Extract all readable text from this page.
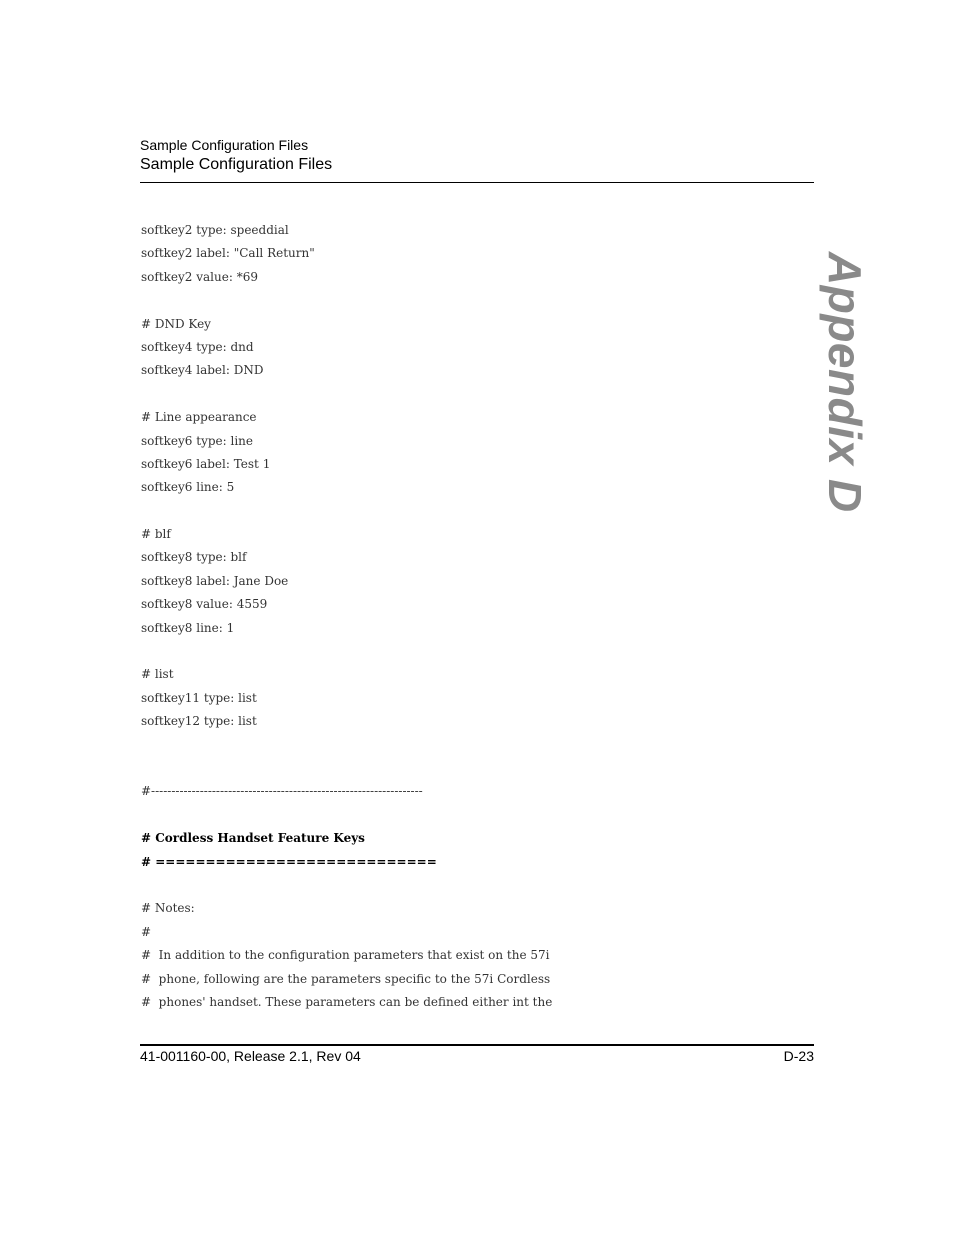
Sample Configuration Files
Sample Configuration Files
Appendix D
softkey2 type: speeddial
softkey2 label: "Call Return"
softkey2 value: *69
# DND Key
softkey4 type: dnd
softkey4 label: DND
# Line appearance
softkey6 type: line
softkey6 label: Test 1
softkey6 line: 5
# blf
softkey8 type: blf
softkey8 label: Jane Doe
softkey8 value: 4559
softkey8 line: 1
# list
softkey11 type: list
softkey12 type: list
#-------------------------------------------------------------------
# Cordless Handset Feature Keys
# ============================
# Notes:
#
#  In addition to the configuration parameters that exist on the 57i
#  phone, following are the parameters specific to the 57i Cordless
#  phones' handset. These parameters can be defined either int the
41-001160-00, Release 2.1, Rev 04	D-23
